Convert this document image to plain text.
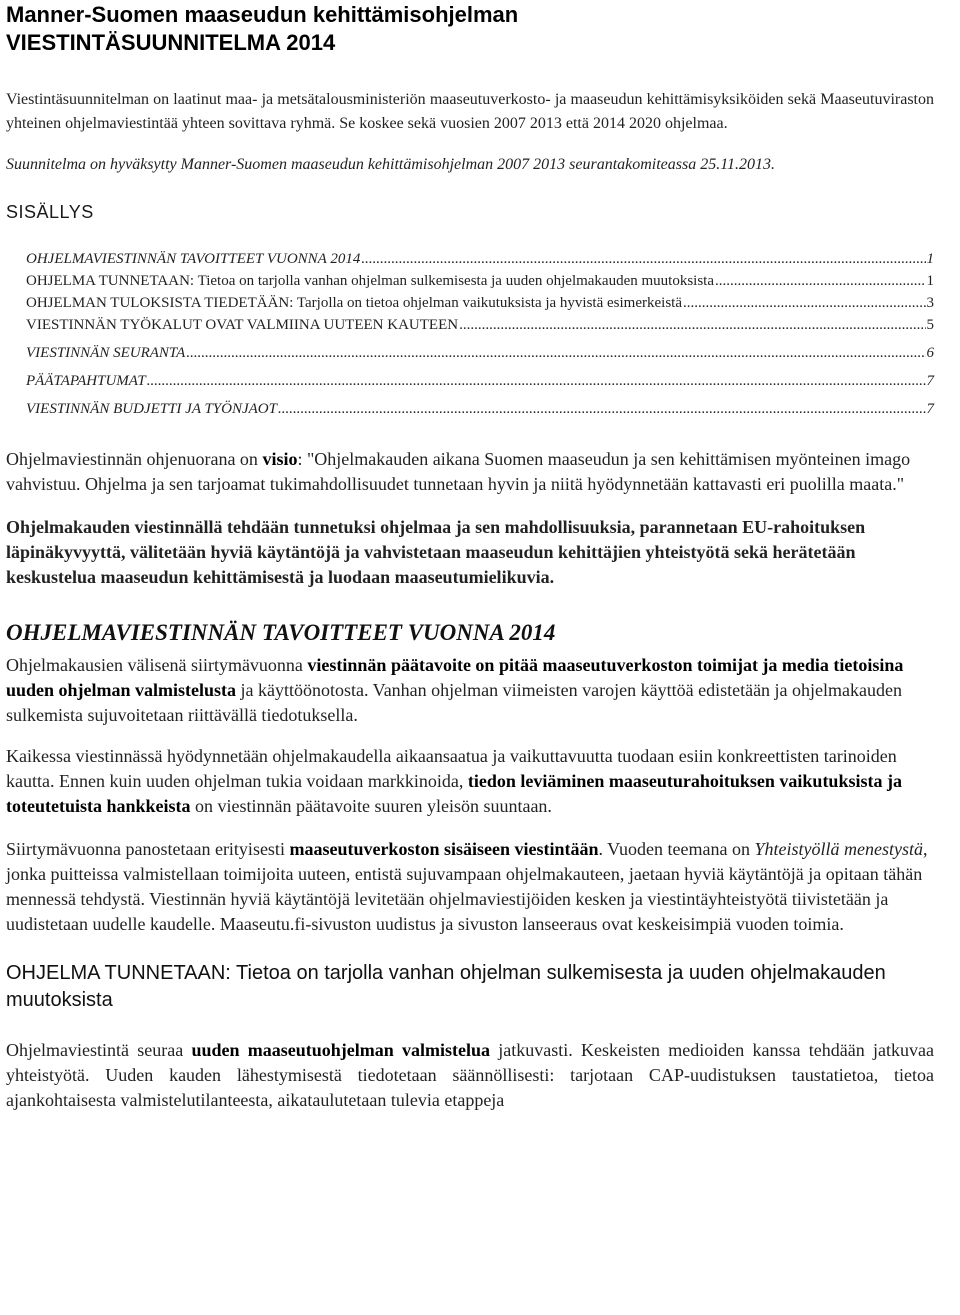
Manner-Suomen maaseudun kehittämisohjelman
VIESTINTÄSUUNNITELMA 2014

Viestintäsuunnitelman on laatinut maa- ja metsätalousministeriön maaseutuverkosto- ja maaseudun kehittämisyksiköiden sekä Maaseutuviraston yhteinen ohjelmaviestintää yhteen sovittava ryhmä. Se koskee sekä vuosien 2007 2013 että 2014 2020 ohjelmaa.

Suunnitelma on hyväksytty Manner-Suomen maaseudun kehittämisohjelman 2007 2013 seurantakomiteassa 25.11.2013.
SISÄLLYS
OHJELMAVIESTINNÄN TAVOITTEET VUONNA 2014 .....	1
OHJELMA TUNNETAAN: Tietoa on tarjolla vanhan ohjelman sulkemisesta ja uuden ohjelmakauden muutoksista .....	1
OHJELMAN TULOKSISTA TIEDETÄÄN: Tarjolla on tietoa ohjelman vaikutuksista ja hyvistä esimerkeistä .....	3
VIESTINNÄN TYÖKALUT OVAT VALMIINA UUTEEN KAUTEEN .....	5
VIESTINNÄN SEURANTA .....	6
PÄÄTAPAHTUMAT .....	7
VIESTINNÄN BUDJETTI JA TYÖNJAOT .....	7

Ohjelmaviestinnän ohjenuorana on visio: "Ohjelmakauden aikana Suomen maaseudun ja sen kehittämisen myönteinen imago vahvistuu. Ohjelma ja sen tarjoamat tukimahdollisuudet tunnetaan hyvin ja niitä hyödynnetään kattavasti eri puolilla maata."

Ohjelmakauden viestinnällä tehdään tunnetuksi ohjelmaa ja sen mahdollisuuksia, parannetaan EU-rahoituksen läpinäkyvyyttä, välitetään hyviä käytäntöjä ja vahvistetaan maaseudun kehittäjien yhteistyötä sekä herätetään keskustelua maaseudun kehittämisestä ja luodaan maaseutumielikuvia.

OHJELMAVIESTINNÄN TAVOITTEET VUONNA 2014

Ohjelmakausien välisenä siirtymävuonna viestinnän päätavoite on pitää maaseutuverkoston toimijat ja media tietoisina uuden ohjelman valmistelusta ja käyttöönotosta. Vanhan ohjelman viimeisten varojen käyttöä edistetään ja ohjelmakauden sulkemista sujuvoitetaan riittävällä tiedotuksella.

Kaikessa viestinnässä hyödynnetään ohjelmakaudella aikaansaatua ja vaikuttavuutta tuodaan esiin konkreettisten tarinoiden kautta. Ennen kuin uuden ohjelman tukia voidaan markkinoida, tiedon leviäminen maaseuturahoituksen vaikutuksista ja toteutetuista hankkeista on viestinnän päätavoite suuren yleisön suuntaan.

Siirtymävuonna panostetaan erityisesti maaseutuverkoston sisäiseen viestintään. Vuoden teemana on Yhteistyöllä menestystä, jonka puitteissa valmistellaan toimijoita uuteen, entistä sujuvampaan ohjelmakauteen, jaetaan hyviä käytäntöjä ja opitaan tähän mennessä tehdystä. Viestinnän hyviä käytäntöjä levitetään ohjelmaviestijöiden kesken ja viestintäyhteistyötä tiivistetään ja uudistetaan uudelle kaudelle. Maaseutu.fi-sivuston uudistus ja sivuston lanseeraus ovat keskeisimpiä vuoden toimia.

OHJELMA TUNNETAAN: Tietoa on tarjolla vanhan ohjelman sulkemisesta ja uuden ohjelmakauden muutoksista

Ohjelmaviestintä seuraa uuden maaseutuohjelman valmistelua jatkuvasti. Keskeisten medioiden kanssa tehdään jatkuvaa yhteistyötä. Uuden kauden lähestymisestä tiedotetaan säännöllisesti: tarjotaan CAP-uudistuksen taustatietoa, tietoa ajankohtaisesta valmistelutilanteesta, aikataulutetaan tulevia etappeja
